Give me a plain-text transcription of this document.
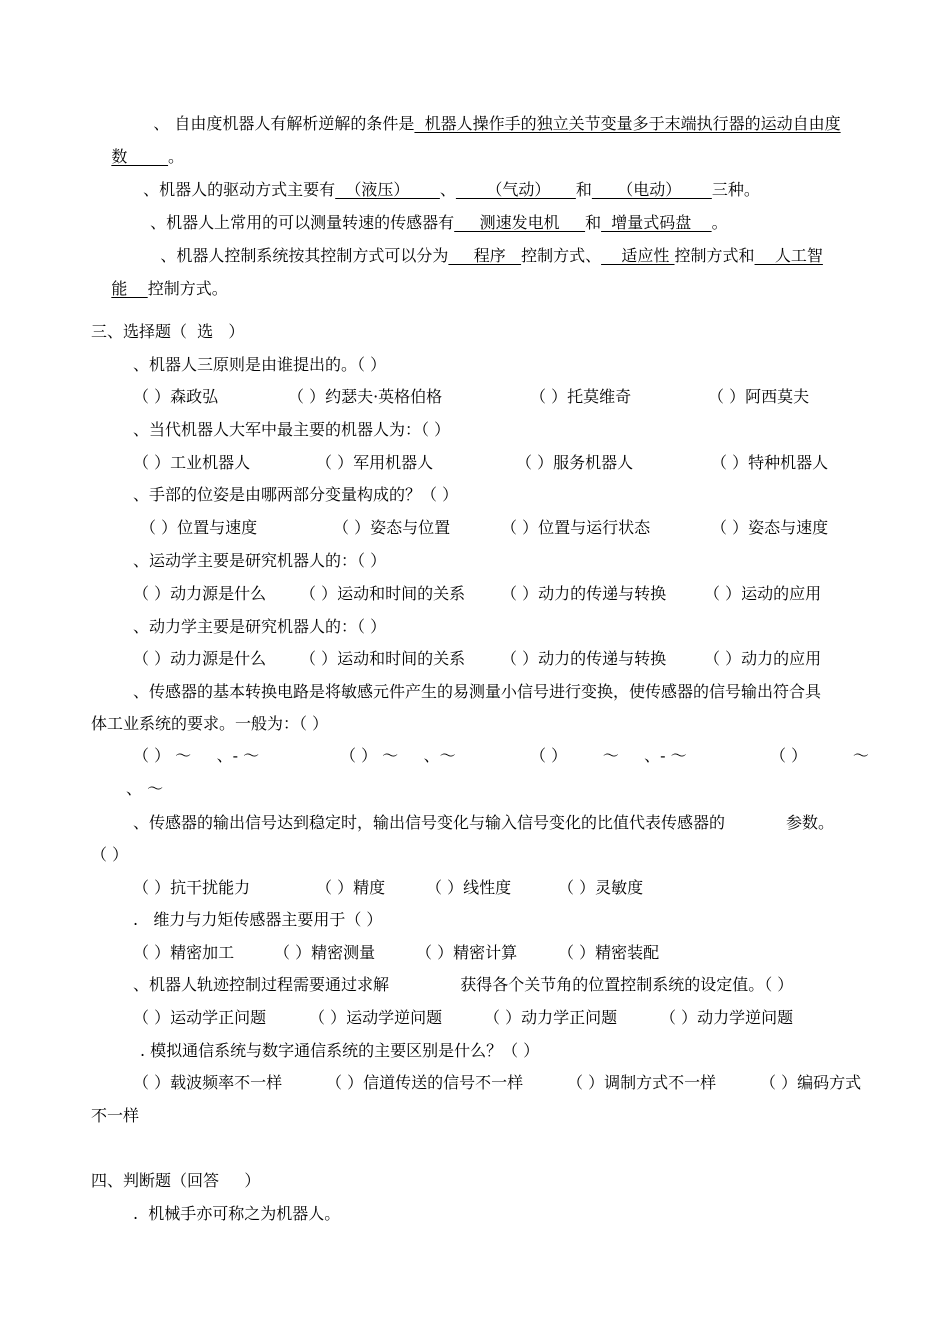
、 自由度机器人有解析逆解的条件是  机器人操作手的独立关节变量多于末端执行器的运动自由度

数        。

、机器人的驱动方式主要有  （液压）      、      （气动）     和     （电动）      三种。

、机器人上常用的可以测量转速的传感器有     测速发电机     和  增量式码盘    。

、机器人控制系统按其控制方式可以分为     程序   控制方式、    适应性 控制方式和    人工智

能    控制方式。

三、选择题（  选   ）
、机器人三原则是由谁提出的。（ ）
（ ）森政弘	（ ）约瑟夫·英格伯格	（ ）托莫维奇	（ ）阿西莫夫
、当代机器人大军中最主要的机器人为：（ ）
（ ）工业机器人	（ ）军用机器人	（ ）服务机器人	（ ）特种机器人
、手部的位姿是由哪两部分变量构成的？（ ）
（ ）位置与速度	（ ）姿态与位置	（ ）位置与运行状态	（ ）姿态与速度
、运动学主要是研究机器人的：（ ）
（ ）动力源是什么 （ ）运动和时间的关系 （ ）动力的传递与转换 （ ）运动的应用
、动力学主要是研究机器人的：（ ）
（ ）动力源是什么 （ ）运动和时间的关系 （ ）动力的传递与转换 （ ）动力的应用
、传感器的基本转换电路是将敏感元件产生的易测量小信号进行变换，使传感器的信号输出符合具
体工业系统的要求。一般为：（ ）
（ ） ～     、- ～	（ ） ～     、～	（ ）       ～     、- ～	（ ）         ～
、 ～
、传感器的输出信号达到稳定时，输出信号变化与输入信号变化的比值代表传感器的            参数。
（ ）
（ ）抗干扰能力	（ ）精度	（ ）线性度	（ ）灵敏度
.   维力与力矩传感器主要用于（ ）
（ ）精密加工 （ ）精密测量	（ ）精密计算	（ ）精密装配
、机器人轨迹控制过程需要通过求解              获得各个关节角的位置控制系统的设定值。（ ）
（ ）运动学正问题	（ ）运动学逆问题	（ ）动力学正问题	（ ）动力学逆问题
. 模拟通信系统与数字通信系统的主要区别是什么？（ ）
（ ）载波频率不一样	（ ）信道传送的信号不一样	（ ）调制方式不一样	（ ）编码方式
不一样
四、判断题（回答     ）
.  机械手亦可称之为机器人。
